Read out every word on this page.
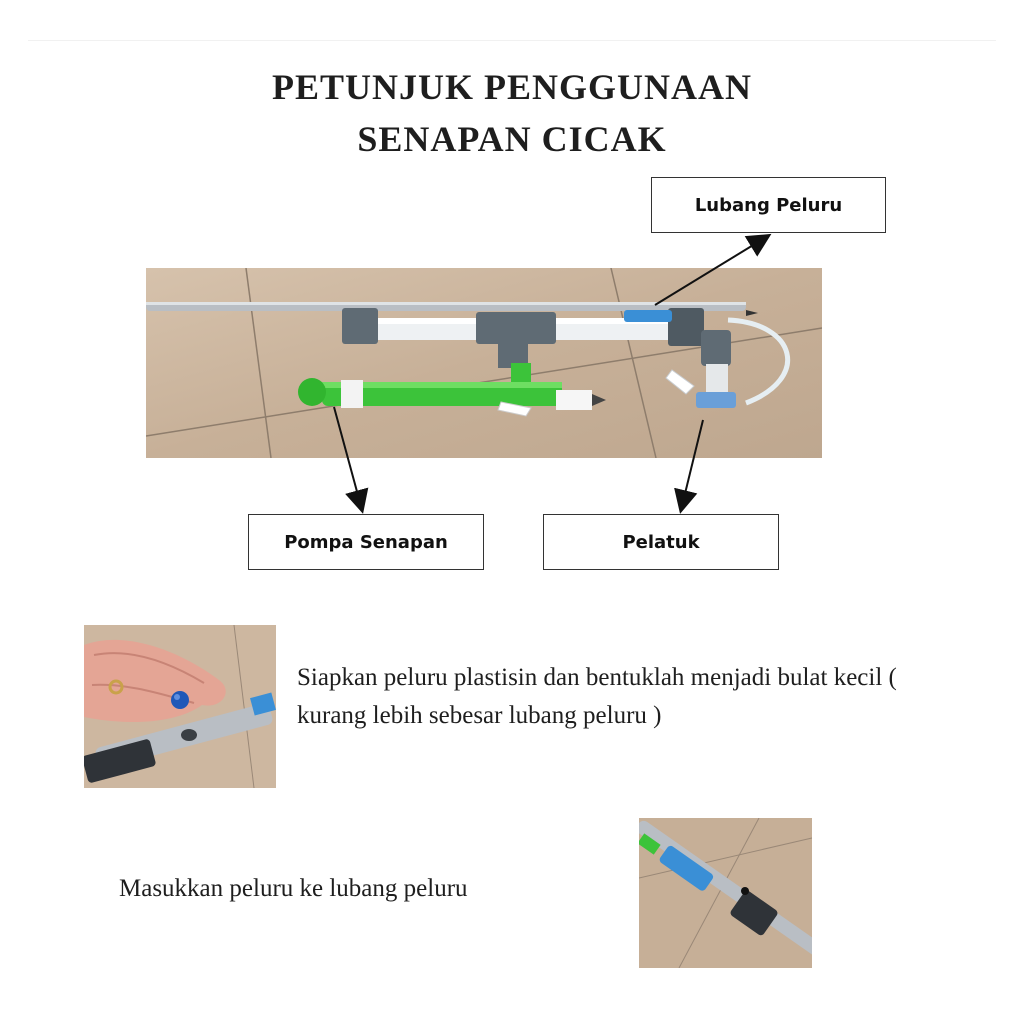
PETUNJUK PENGGUNAAN
SENAPAN CICAK
Lubang Peluru
Pompa Senapan	Pelatuk
Siapkan peluru plastisin dan bentuklah menjadi bulat kecil ( kurang lebih sebesar lubang peluru )
Masukkan peluru ke lubang peluru
